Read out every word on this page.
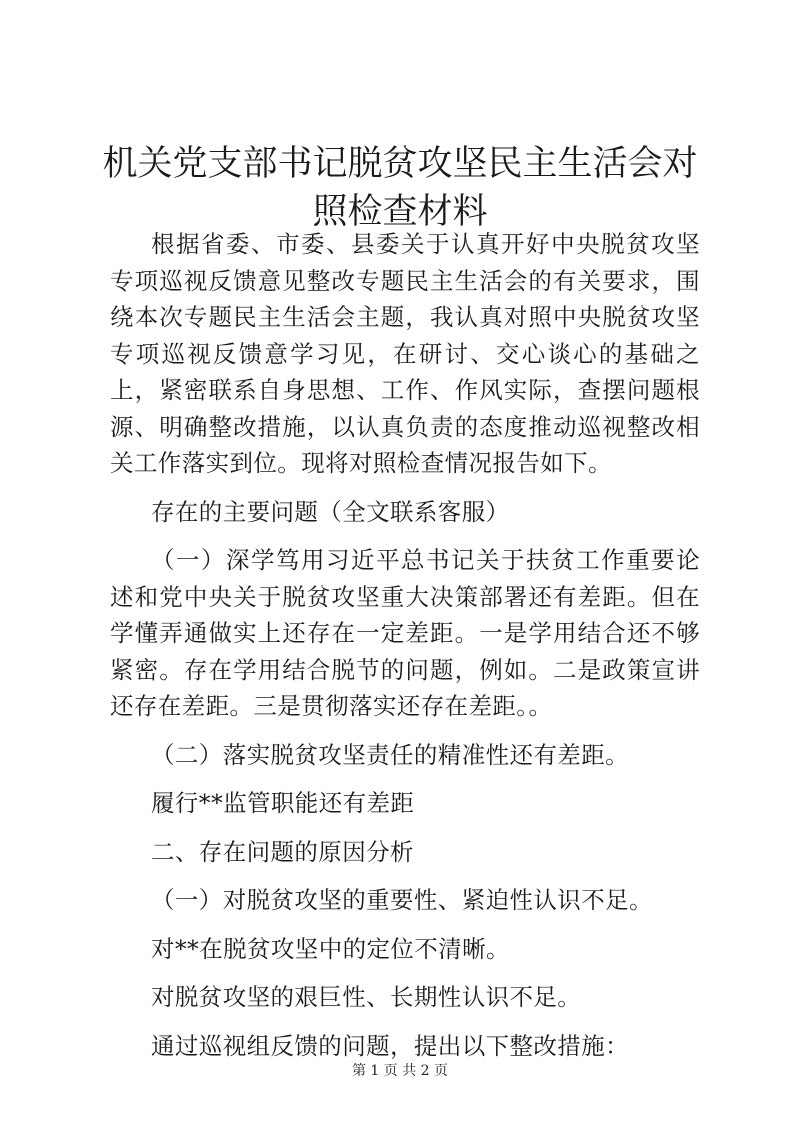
机关党支部书记脱贫攻坚民主生活会对照检查材料

根据省委、市委、县委关于认真开好中央脱贫攻坚专项巡视反馈意见整改专题民主生活会的有关要求，围绕本次专题民主生活会主题，我认真对照中央脱贫攻坚专项巡视反馈意学习见，在研讨、交心谈心的基础之上，紧密联系自身思想、工作、作风实际，查摆问题根源、明确整改措施，以认真负责的态度推动巡视整改相关工作落实到位。现将对照检查情况报告如下。

存在的主要问题（全文联系客服）

（一）深学笃用习近平总书记关于扶贫工作重要论述和党中央关于脱贫攻坚重大决策部署还有差距。但在学懂弄通做实上还存在一定差距。一是学用结合还不够紧密。存在学用结合脱节的问题，例如。二是政策宣讲还存在差距。三是贯彻落实还存在差距。。

（二）落实脱贫攻坚责任的精准性还有差距。

履行**监管职能还有差距

二、存在问题的原因分析

（一）对脱贫攻坚的重要性、紧迫性认识不足。

对**在脱贫攻坚中的定位不清晰。

对脱贫攻坚的艰巨性、长期性认识不足。

通过巡视组反馈的问题，提出以下整改措施：

第 1 页 共 2 页
